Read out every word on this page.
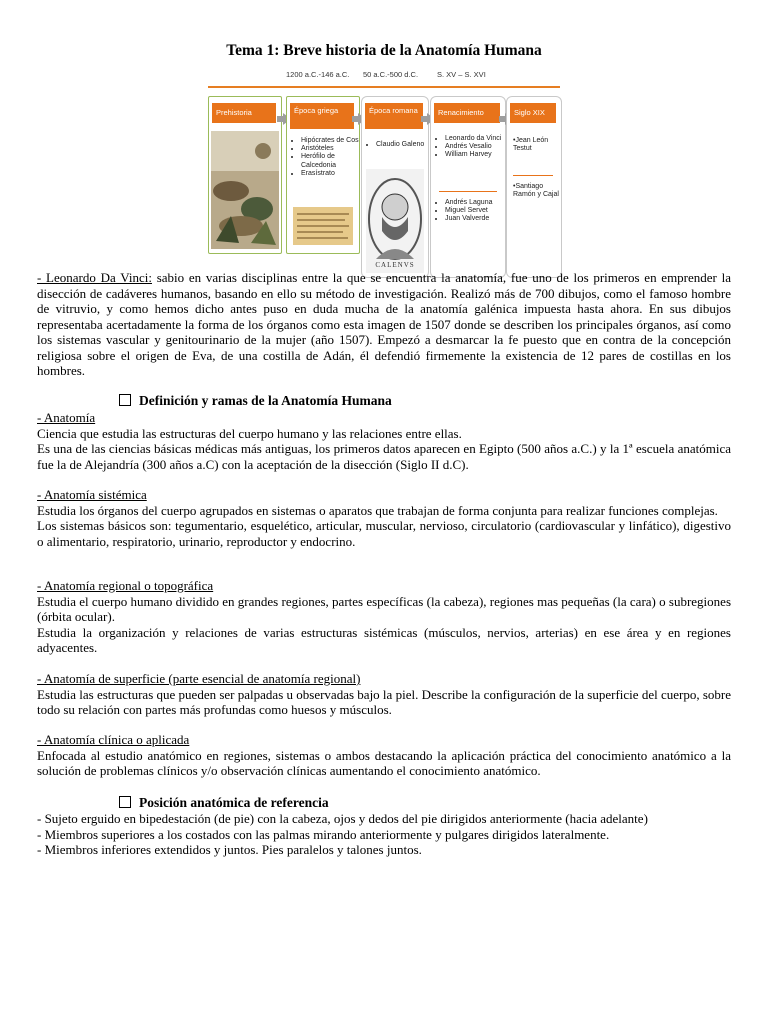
Tema 1: Breve historia de la Anatomía Humana
1200 a.C.-146 a.C. 50 a.C.-500 d.C.	S. XV – S. XVI
Prehistoria	Época griega
• Hipócrates de Cos
• Aristóteles
• Herófilo de Calcedonia
• Erasístrato
Época romana
• Claudio Galeno
CALENVS
Renacimiento
• Leonardo da Vinci
• Andrés Vesalio
• William Harvey
• Andrés Laguna
• Miguel Servet
• Juan Valverde
Siglo XIX
•Jean León Testut
•Santiago Ramón y Cajal

- Leonardo Da Vinci: sabio en varias disciplinas entre la que se encuentra la anatomía, fue uno de los primeros en emprender la disección de cadáveres humanos, basando en ello su método de investigación. Realizó más de 700 dibujos, como el famoso hombre de vitruvio, y como hemos dicho antes puso en duda mucha de la anatomía galénica impuesta hasta ahora. En sus dibujos representaba acertadamente la forma de los órganos como esta imagen de 1507 donde se describen los principales órganos, así como los sistemas vascular y genitourinario de la mujer (año 1507). Empezó a desmarcar la fe puesto que en contra de la concepción religiosa sobre el origen de Eva, de una costilla de Adán, él defendió firmemente la existencia de 12 pares de costillas en los hombres.

Definición y ramas de la Anatomía Humana

- Anatomía

Ciencia que estudia las estructuras del cuerpo humano y las relaciones entre ellas.

Es una de las ciencias básicas médicas más antiguas, los primeros datos aparecen en Egipto (500 años a.C.) y la 1ª escuela anatómica fue la de Alejandría (300 años a.C) con la aceptación de la disección (Siglo II d.C).

- Anatomía sistémica

Estudia los órganos del cuerpo agrupados en sistemas o aparatos que trabajan de forma conjunta para realizar funciones complejas.

Los sistemas básicos son: tegumentario, esquelético, articular, muscular, nervioso, circulatorio (cardiovascular y linfático), digestivo o alimentario, respiratorio, urinario, reproductor y endocrino.

- Anatomía regional o topográfica

Estudia el cuerpo humano dividido en grandes regiones, partes específicas (la cabeza), regiones mas pequeñas (la cara) o subregiones (órbita ocular).

Estudia la organización y relaciones de varias estructuras sistémicas (músculos, nervios, arterias) en ese área y en regiones adyacentes.

- Anatomía de superficie (parte esencial de anatomía regional)

Estudia las estructuras que pueden ser palpadas u observadas bajo la piel. Describe la configuración de la superficie del cuerpo, sobre todo su relación con partes más profundas como huesos y músculos.

- Anatomía clínica o aplicada

Enfocada al estudio anatómico en regiones, sistemas o ambos destacando la aplicación práctica del conocimiento anatómico a la solución de problemas clínicos y/o observación clínicas aumentando el conocimiento anatómico.

Posición anatómica de referencia

- Sujeto erguido en bipedestación (de pie) con la cabeza, ojos y dedos del pie dirigidos anteriormente (hacia adelante)

- Miembros superiores a los costados con las palmas mirando anteriormente y pulgares dirigidos lateralmente.

- Miembros inferiores extendidos y juntos. Pies paralelos y talones juntos.
